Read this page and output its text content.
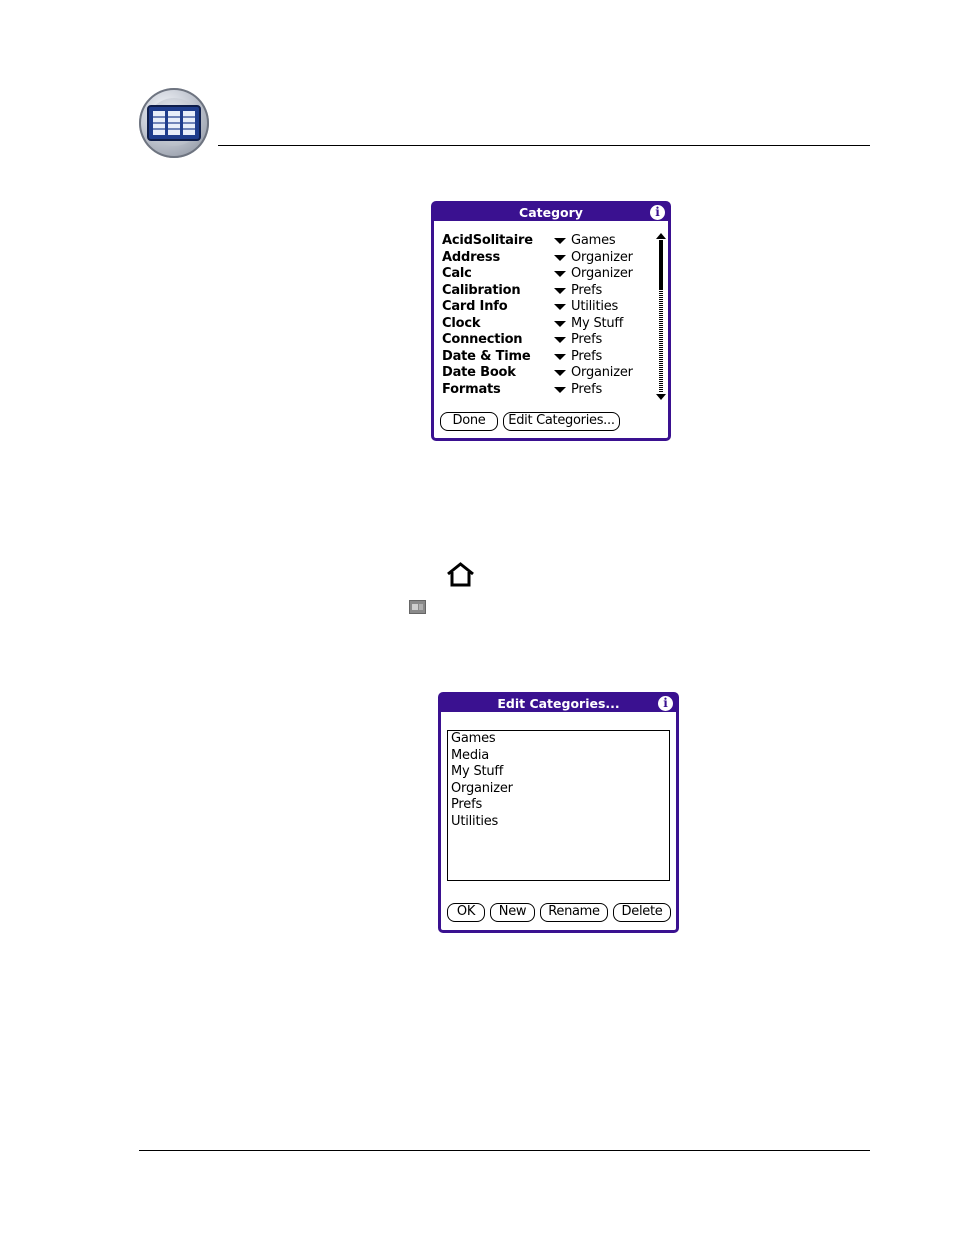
Category	i
AcidSolitaire	Games
Address	Organizer
Calc	Organizer
Calibration	Prefs
Card Info	Utilities
Clock	My Stuff
Connection	Prefs
Date & Time	Prefs
Date Book	Organizer
Formats	Prefs
Done	Edit Categories...
Edit Categories...	i
Games
Media
My Stuff
Organizer
Prefs
Utilities
OK	New	Rename	Delete
